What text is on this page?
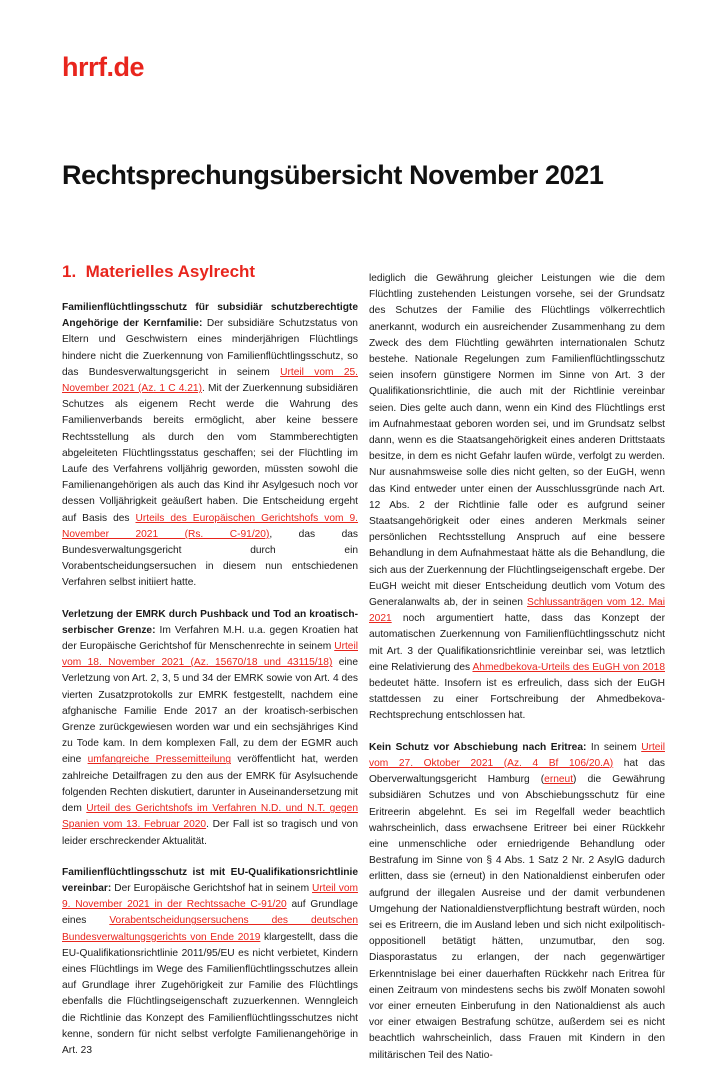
hrrf.de
Rechtsprechungsübersicht November 2021
1. Materielles Asylrecht

Familienflüchtlingsschutz für subsidiär schutzberechtigte Angehörige der Kernfamilie: Der subsidiäre Schutzstatus von Eltern und Geschwistern eines minderjährigen Flüchtlings hindere nicht die Zuerkennung von Familienflüchtlingsschutz, so das Bundesverwaltungsgericht in seinem Urteil vom 25. November 2021 (Az. 1 C 4.21). Mit der Zuerkennung subsidiären Schutzes als eigenem Recht werde die Wahrung des Familienverbands bereits ermöglicht, aber keine bessere Rechtsstellung als durch den vom Stammberechtigten abgeleiteten Flüchtlingsstatus geschaffen; sei der Flüchtling im Laufe des Verfahrens volljährig geworden, müssten sowohl die Familienangehörigen als auch das Kind ihr Asylgesuch noch vor dessen Volljährigkeit geäußert haben. Die Entscheidung ergeht auf Basis des Urteils des Europäischen Gerichtshofs vom 9. November 2021 (Rs. C-91/20), das das Bundesverwaltungsgericht durch ein Vorabentscheidungsersuchen in diesem nun entschiedenen Verfahren selbst initiiert hatte.

Verletzung der EMRK durch Pushback und Tod an kroatisch-serbischer Grenze: Im Verfahren M.H. u.a. gegen Kroatien hat der Europäische Gerichtshof für Menschenrechte in seinem Urteil vom 18. November 2021 (Az. 15670/18 und 43115/18) eine Verletzung von Art. 2, 3, 5 und 34 der EMRK sowie von Art. 4 des vierten Zusatzprotokolls zur EMRK festgestellt, nachdem eine afghanische Familie Ende 2017 an der kroatisch-serbischen Grenze zurückgewiesen worden war und ein sechsjähriges Kind zu Tode kam. In dem komplexen Fall, zu dem der EGMR auch eine umfangreiche Pressemitteilung veröffentlicht hat, werden zahlreiche Detailfragen zu den aus der EMRK für Asylsuchende folgenden Rechten diskutiert, darunter in Auseinandersetzung mit dem Urteil des Gerichtshofs im Verfahren N.D. und N.T. gegen Spanien vom 13. Februar 2020. Der Fall ist so tragisch und von leider erschreckender Aktualität.

Familienflüchtlingsschutz ist mit EU-Qualifikationsrichtlinie vereinbar: Der Europäische Gerichtshof hat in seinem Urteil vom 9. November 2021 in der Rechtssache C-91/20 auf Grundlage eines Vorabentscheidungsersuchens des deutschen Bundesverwaltungsgerichts von Ende 2019 klargestellt, dass die EU-Qualifikationsrichtlinie 2011/95/EU es nicht verbietet, Kindern eines Flüchtlings im Wege des Familienflüchtlingsschutzes allein auf Grundlage ihrer Zugehörigkeit zur Familie des Flüchtlings ebenfalls die Flüchtlingseigenschaft zuzuerkennen. Wenngleich die Richtlinie das Konzept des Familienflüchtlingsschutzes nicht kenne, sondern für nicht selbst verfolgte Familienangehörige in Art. 23

lediglich die Gewährung gleicher Leistungen wie die dem Flüchtling zustehenden Leistungen vorsehe, sei der Grundsatz des Schutzes der Familie des Flüchtlings völkerrechtlich anerkannt, wodurch ein ausreichender Zusammenhang zu dem Zweck des dem Flüchtling gewährten internationalen Schutz bestehe. Nationale Regelungen zum Familienflüchtlingsschutz seien insofern günstigere Normen im Sinne von Art. 3 der Qualifikationsrichtlinie, die auch mit der Richtlinie vereinbar seien. Dies gelte auch dann, wenn ein Kind des Flüchtlings erst im Aufnahmestaat geboren worden sei, und im Grundsatz selbst dann, wenn es die Staatsangehörigkeit eines anderen Drittstaats besitze, in dem es nicht Gefahr laufen würde, verfolgt zu werden. Nur ausnahmsweise solle dies nicht gelten, so der EuGH, wenn das Kind entweder unter einen der Ausschlussgründe nach Art. 12 Abs. 2 der Richtlinie falle oder es aufgrund seiner Staatsangehörigkeit oder eines anderen Merkmals seiner persönlichen Rechtsstellung Anspruch auf eine bessere Behandlung in dem Aufnahmestaat hätte als die Behandlung, die sich aus der Zuerkennung der Flüchtlingseigenschaft ergebe. Der EuGH weicht mit dieser Entscheidung deutlich vom Votum des Generalanwalts ab, der in seinen Schlussanträgen vom 12. Mai 2021 noch argumentiert hatte, dass das Konzept der automatischen Zuerkennung von Familienflüchtlingsschutz nicht mit Art. 3 der Qualifikationsrichtlinie vereinbar sei, was letztlich eine Relativierung des Ahmedbekova-Urteils des EuGH von 2018 bedeutet hätte. Insofern ist es erfreulich, dass sich der EuGH stattdessen zu einer Fortschreibung der Ahmedbekova-Rechtsprechung entschlossen hat.

Kein Schutz vor Abschiebung nach Eritrea: In seinem Urteil vom 27. Oktober 2021 (Az. 4 Bf 106/20.A) hat das Oberverwaltungsgericht Hamburg (erneut) die Gewährung subsidiären Schutzes und von Abschiebungsschutz für eine Eritreerin abgelehnt. Es sei im Regelfall weder beachtlich wahrscheinlich, dass erwachsene Eritreer bei einer Rückkehr eine unmenschliche oder erniedrigende Behandlung oder Bestrafung im Sinne von § 4 Abs. 1 Satz 2 Nr. 2 AsylG dadurch erlitten, dass sie (erneut) in den Nationaldienst einberufen oder aufgrund der illegalen Ausreise und der damit verbundenen Umgehung der Nationaldienstverpflichtung bestraft würden, noch sei es Eritreern, die im Ausland leben und sich nicht exilpolitisch-oppositionell betätigt hätten, unzumutbar, den sog. Diasporastatus zu erlangen, der nach gegenwärtiger Erkenntnislage bei einer dauerhaften Rückkehr nach Eritrea für einen Zeitraum von mindestens sechs bis zwölf Monaten sowohl vor einer erneuten Einberufung in den Nationaldienst als auch vor einer etwaigen Bestrafung schütze, außerdem sei es nicht beachtlich wahrscheinlich, dass Frauen mit Kindern in den militärischen Teil des Natio-
